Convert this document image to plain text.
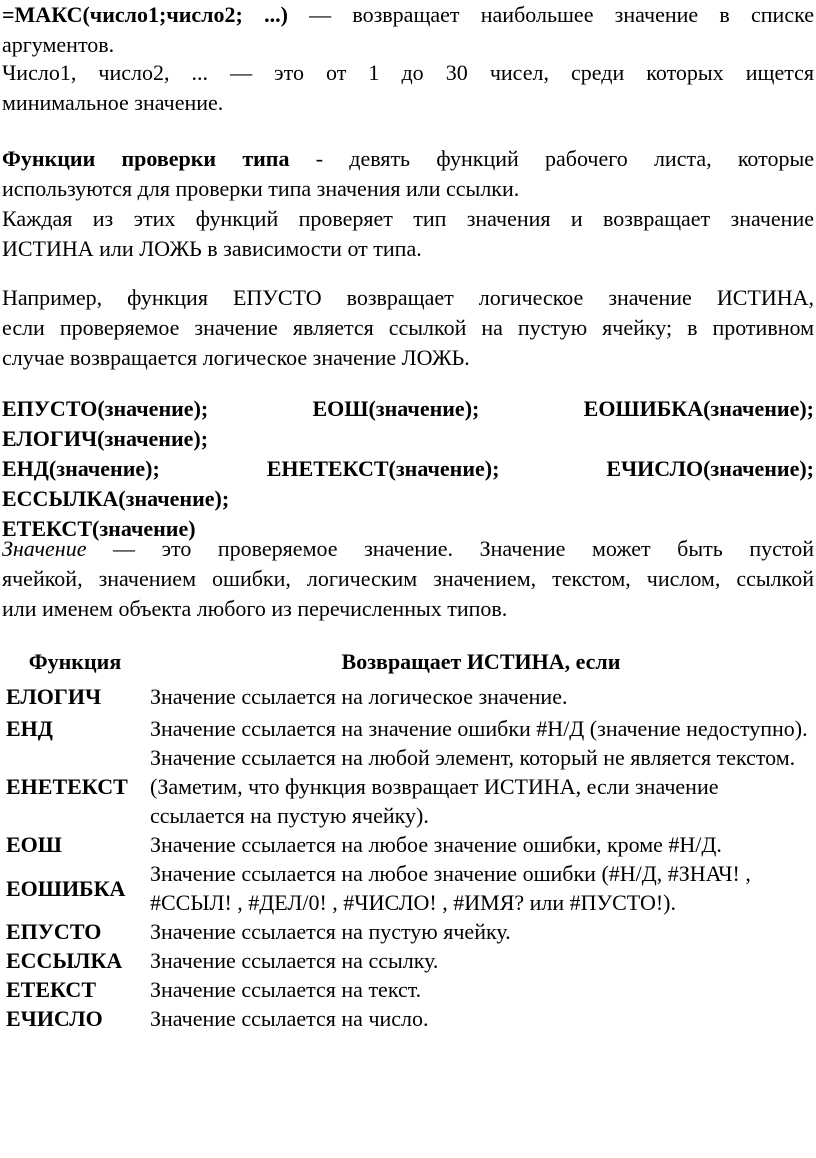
=МАКС(число1;число2; ...) — возвращает наибольшее значение в списке
аргументов.
Число1, число2, ... — это от 1 до 30 чисел, среди которых ищется
минимальное значение.
Функции проверки типа - девять функций рабочего листа, которые
используются для проверки типа значения или ссылки.
Каждая из этих функций проверяет тип значения и возвращает значение
ИСТИНА или ЛОЖЬ в зависимости от типа.
Например, функция ЕПУСТО возвращает логическое значение ИСТИНА,
если проверяемое значение является ссылкой на пустую ячейку; в противном
случае возвращается логическое значение ЛОЖЬ.
ЕПУСТО(значение);	ЕОШ(значение);	ЕОШИБКА(значение);
ЕЛОГИЧ(значение);
ЕНД(значение);	ЕНЕТЕКСТ(значение);	ЕЧИСЛО(значение);
ЕССЫЛКА(значение);
ЕТЕКСТ(значение)
Значение — это проверяемое значение. Значение может быть пустой
ячейкой, значением ошибки, логическим значением, текстом, числом, ссылкой
или именем объекта любого из перечисленных типов.
Функция	Возвращает ИСТИНА, если
ЕЛОГИЧ	Значение ссылается на логическое значение.
ЕНД	Значение ссылается на значение ошибки #Н/Д (значение недоступно).
ЕНЕТЕКСТ	Значение ссылается на любой элемент, который не является текстом. (Заметим, что функция возвращает ИСТИНА, если значение ссылается на пустую ячейку).
ЕОШ	Значение ссылается на любое значение ошибки, кроме #Н/Д.
ЕОШИБКА	Значение ссылается на любое значение ошибки (#Н/Д, #ЗНАЧ! , #ССЫЛ! , #ДЕЛ/0! , #ЧИСЛО! , #ИМЯ? или #ПУСТО!).
ЕПУСТО	Значение ссылается на пустую ячейку.
ЕССЫЛКА	Значение ссылается на ссылку.
ЕТЕКСТ	Значение ссылается на текст.
ЕЧИСЛО	Значение ссылается на число.
